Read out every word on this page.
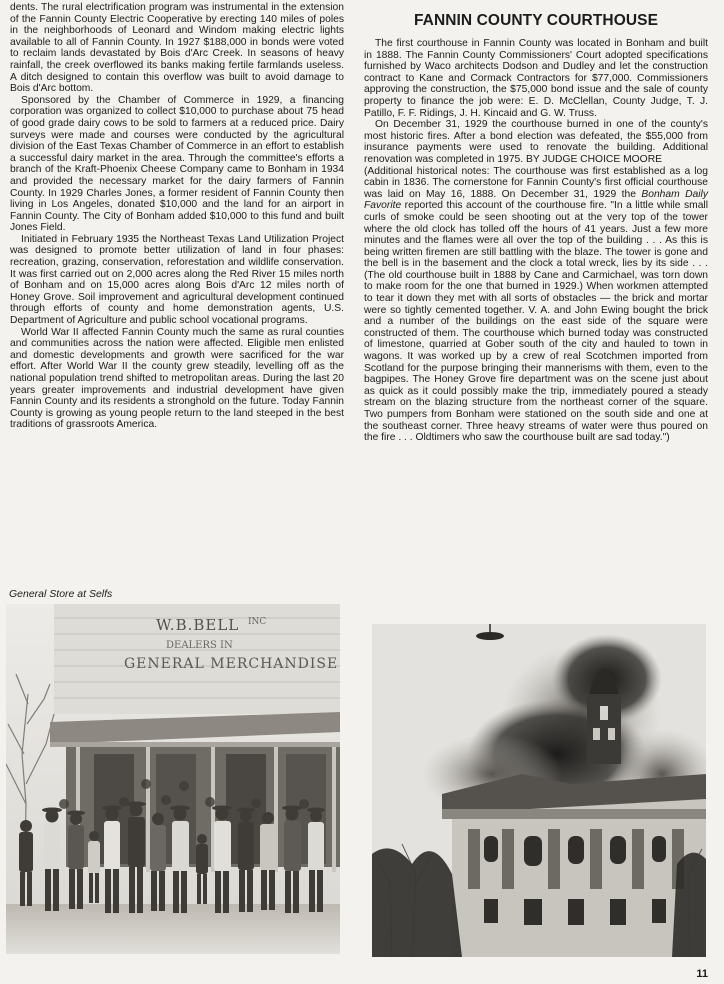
dents. The rural electrification program was instrumental in the extension of the Fannin County Electric Cooperative by erecting 140 miles of poles in the neighborhoods of Leonard and Windom making electric lights available to all of Fannin County. In 1927 $188,000 in bonds were voted to reclaim lands devastated by Bois d'Arc Creek. In seasons of heavy rainfall, the creek overflowed its banks making fertile farmlands useless. A ditch designed to contain this overflow was built to avoid damage to Bois d'Arc bottom.

Sponsored by the Chamber of Commerce in 1929, a financing corporation was organized to collect $10,000 to purchase about 75 head of good grade dairy cows to be sold to farmers at a reduced price. Dairy surveys were made and courses were conducted by the agricultural division of the East Texas Chamber of Commerce in an effort to establish a successful dairy market in the area. Through the committee's efforts a branch of the Kraft-Phoenix Cheese Company came to Bonham in 1934 and provided the necessary market for the dairy farmers of Fannin County. In 1929 Charles Jones, a former resident of Fannin County then living in Los Angeles, donated $10,000 and the land for an airport in Fannin County. The City of Bonham added $10,000 to this fund and built Jones Field.

Initiated in February 1935 the Northeast Texas Land Utilization Project was designed to promote better utilization of land in four phases: recreation, grazing, conservation, reforestation and wildlife conservation. It was first carried out on 2,000 acres along the Red River 15 miles north of Bonham and on 15,000 acres along Bois d'Arc 12 miles north of Honey Grove. Soil improvement and agricultural development continued through efforts of county and home demonstration agents, U.S. Department of Agriculture and public school vocational programs.

World War II affected Fannin County much the same as rural counties and communities across the nation were affected. Eligible men enlisted and domestic developments and growth were sacrificed for the war effort. After World War II the county grew steadily, levelling off as the national population trend shifted to metropolitan areas. During the last 20 years greater improvements and industrial development have given Fannin County and its residents a stronghold on the future. Today Fannin County is growing as young people return to the land steeped in the best traditions of grassroots America.

FANNIN COUNTY COURTHOUSE

The first courthouse in Fannin County was located in Bonham and built in 1888. The Fannin County Commissioners' Court adopted specifications furnished by Waco architects Dodson and Dudley and let the construction contract to Kane and Cormack Contractors for $77,000. Commissioners approving the construction, the $75,000 bond issue and the sale of county property to finance the job were: E. D. McClellan, County Judge, T. J. Patillo, F. F. Ridings, J. H. Kincaid and G. W. Truss.

On December 31, 1929 the courthouse burned in one of the county's most historic fires. After a bond election was defeated, the $55,000 from insurance payments were used to renovate the building. Additional renovation was completed in 1975. BY JUDGE CHOICE MOORE

(Additional historical notes: The courthouse was first established as a log cabin in 1836. The cornerstone for Fannin County's first official courthouse was laid on May 16, 1888. On December 31, 1929 the Bonham Daily Favorite reported this account of the courthouse fire. "In a little while small curls of smoke could be seen shooting out at the very top of the tower where the old clock has tolled off the hours of 41 years. Just a few more minutes and the flames were all over the top of the building . . . As this is being written firemen are still battling with the blaze. The tower is gone and the bell is in the basement and the clock a total wreck, lies by its side . . . (The old courthouse built in 1888 by Cane and Carmichael, was torn down to make room for the one that burned in 1929.) When workmen attempted to tear it down they met with all sorts of obstacles — the brick and mortar were so tightly cemented together. V. A. and John Ewing bought the brick and a number of the buildings on the east side of the square were constructed of them. The courthouse which burned today was constructed of limestone, quarried at Gober south of the city and hauled to town in wagons. It was worked up by a crew of real Scotchmen imported from Scotland for the purpose bringing their mannerisms with them, even to the bagpipes. The Honey Grove fire department was on the scene just about as quick as it could possibly make the trip, immediately poured a steady stream on the blazing structure from the northeast corner of the square. Two pumpers from Bonham were stationed on the south side and one at the southeast corner. Three heavy streams of water were thus poured on the fire . . . Oldtimers who saw the courthouse built are sad today.")

General Store at Selfs
W.B.BELL INC
DEALERS IN
GENERAL MERCHANDISE
11
